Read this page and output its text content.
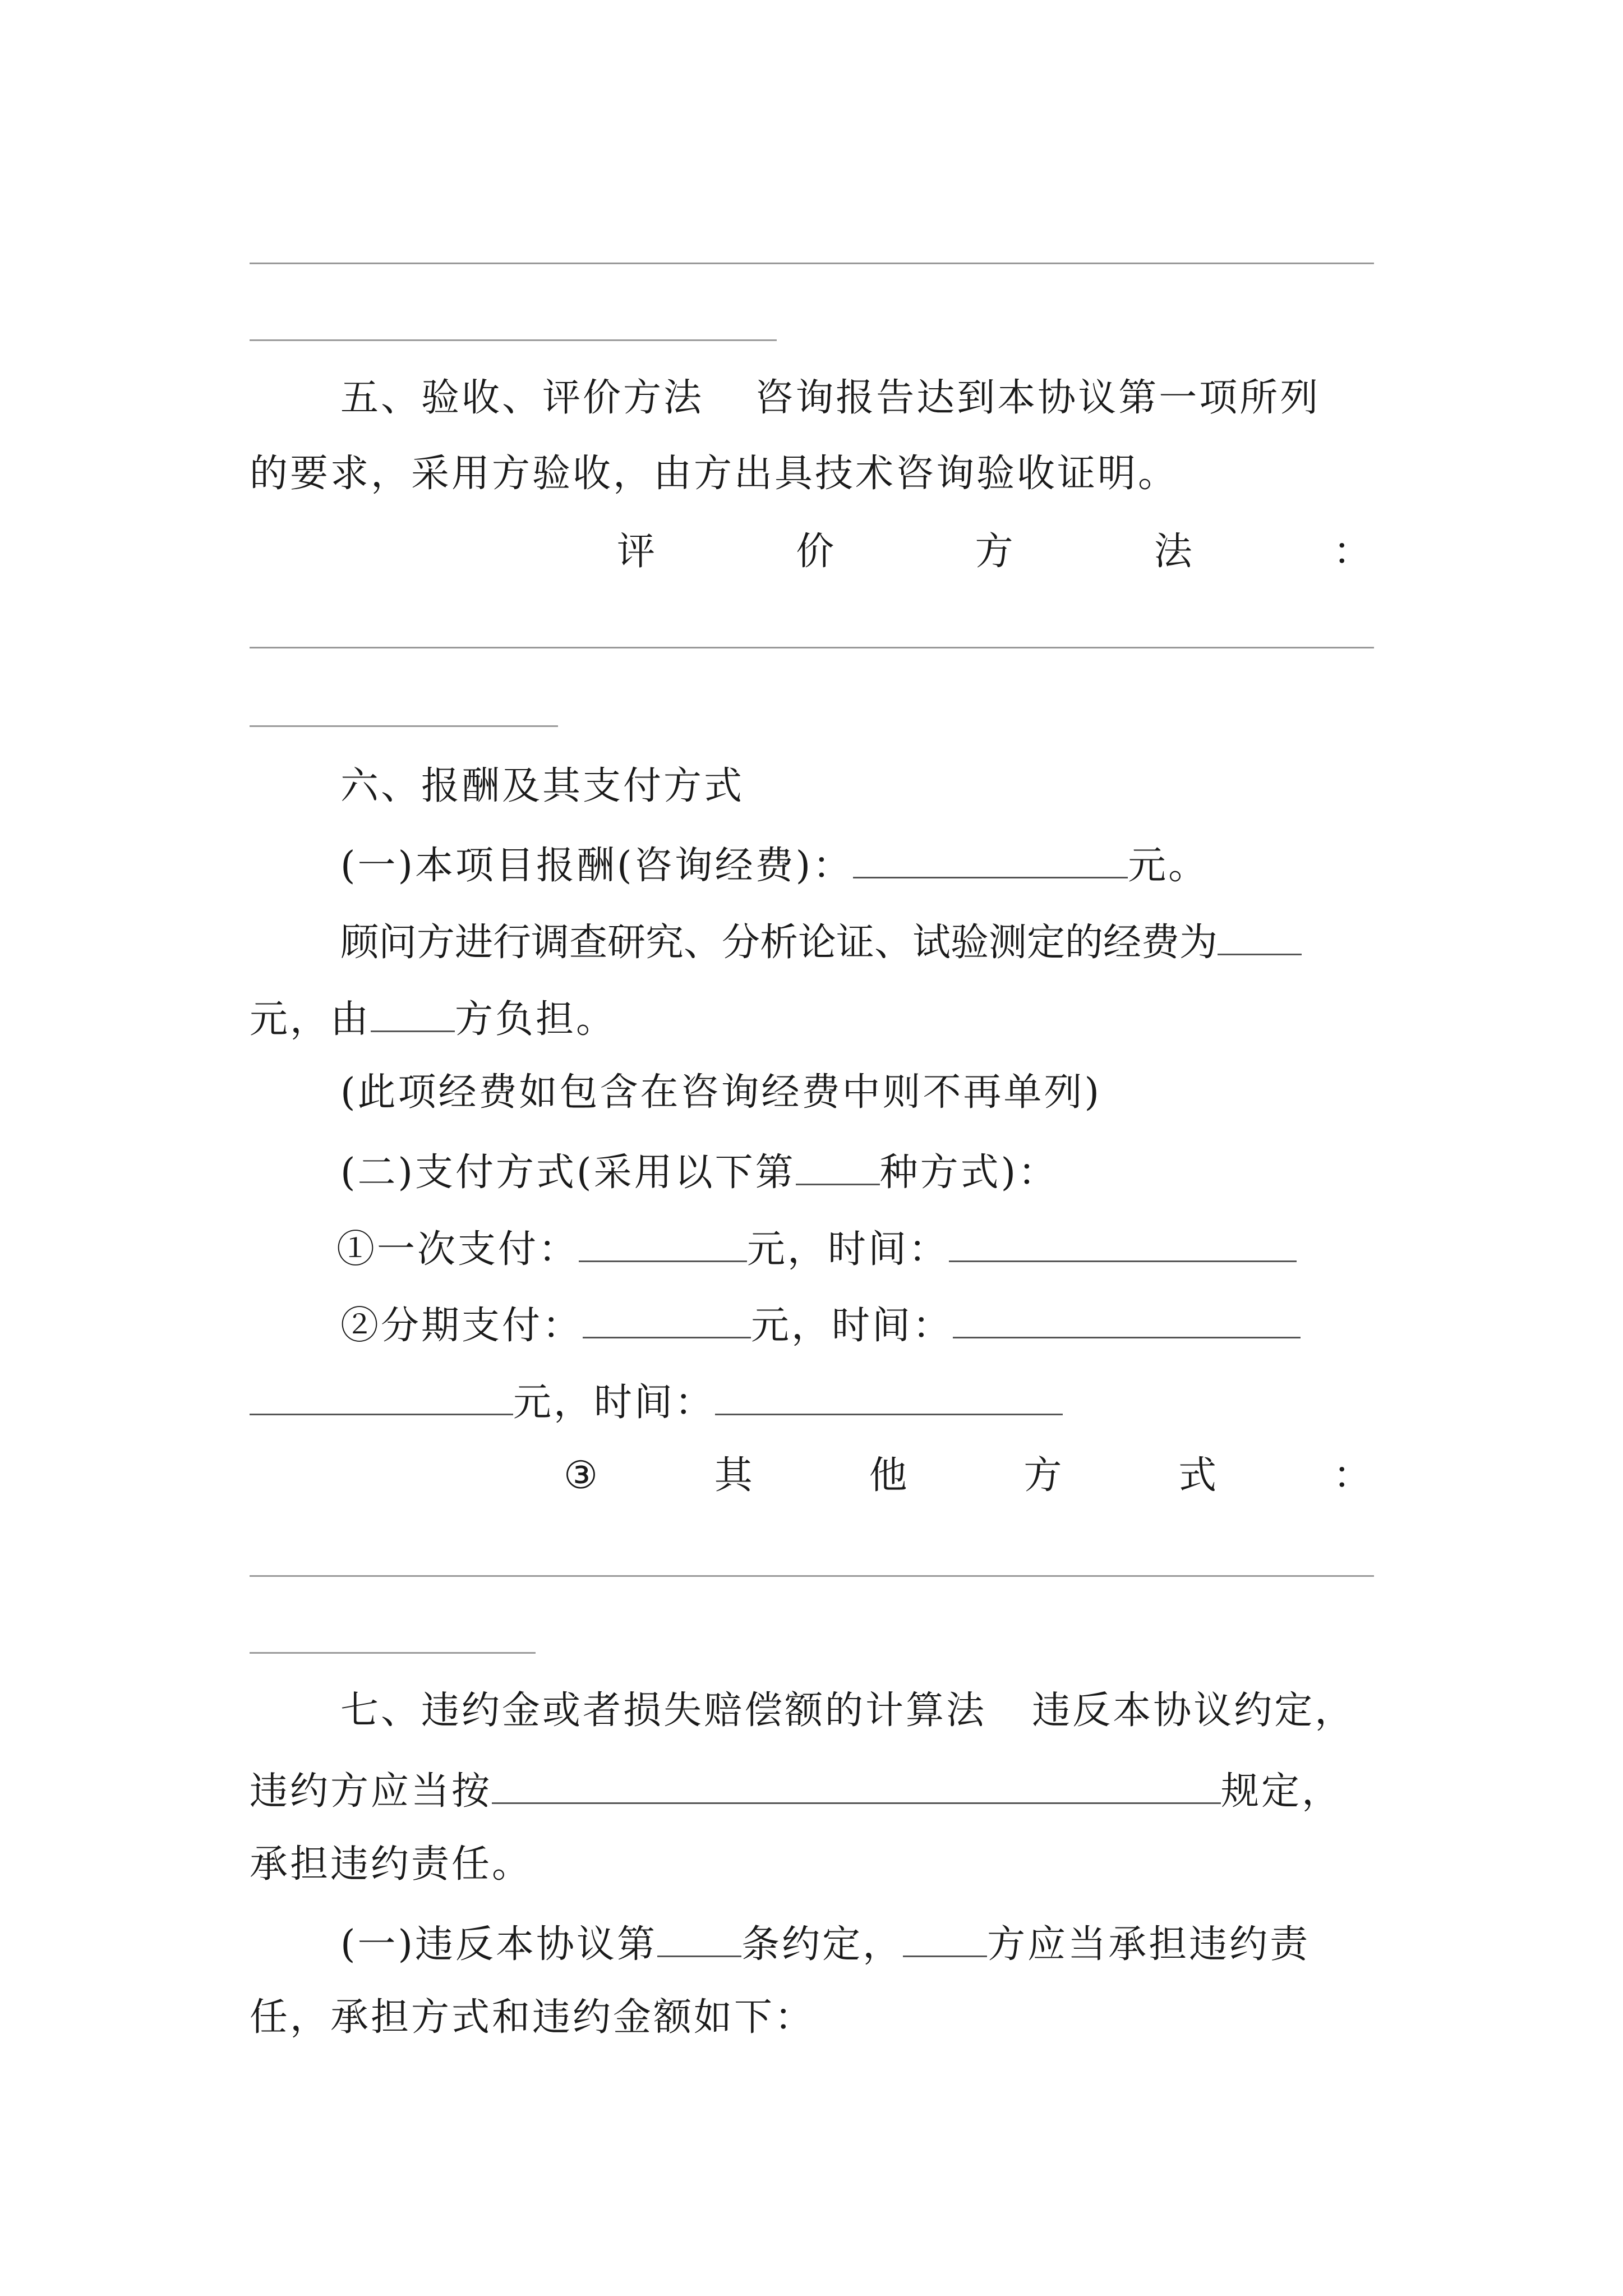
五、验收、评价方法 咨询报告达到本协议第一项所列
的要求，采用方验收，由方出具技术咨询验收证明。
评	价	方	法	：
六、报酬及其支付方式
(一)本项目报酬(咨询经费)：	元。
顾问方进行调查研究、分析论证、试验测定的经费为
元，由 方负担。
(此项经费如包含在咨询经费中则不再单列)
(二)支付方式(采用以下第 种方式)：
①一次支付：	元，时间：
②分期支付：	元，时间：
元，时间：
③	其	他	方	式	：
七、违约金或者损失赔偿额的计算法 违反本协议约定，
违约方应当按	规定，
承担违约责任。
(一)违反本协议第 条约定， 方应当承担违约责
任，承担方式和违约金额如下：
